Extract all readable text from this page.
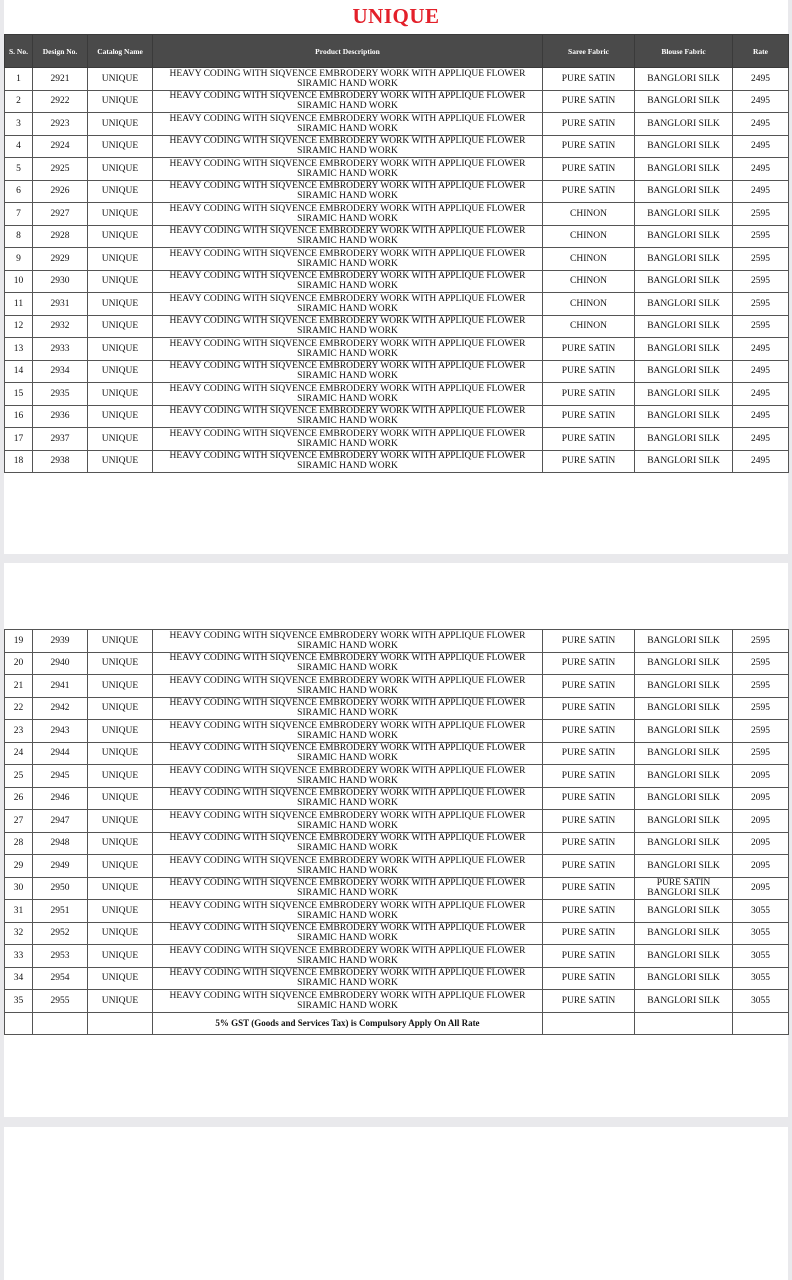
UNIQUE
S. No.	Design No.	Catalog Name	Product Description	Saree Fabric	Blouse Fabric	Rate
1	2921	UNIQUE	HEAVY CODING WITH SIQVENCE EMBRODERY WORK WITH APPLIQUE FLOWER SIRAMIC HAND WORK	PURE SATIN	BANGLORI SILK	2495
2	2922	UNIQUE	HEAVY CODING WITH SIQVENCE EMBRODERY WORK WITH APPLIQUE FLOWER SIRAMIC HAND WORK	PURE SATIN	BANGLORI SILK	2495
3	2923	UNIQUE	HEAVY CODING WITH SIQVENCE EMBRODERY WORK WITH APPLIQUE FLOWER SIRAMIC HAND WORK	PURE SATIN	BANGLORI SILK	2495
4	2924	UNIQUE	HEAVY CODING WITH SIQVENCE EMBRODERY WORK WITH APPLIQUE FLOWER SIRAMIC HAND WORK	PURE SATIN	BANGLORI SILK	2495
5	2925	UNIQUE	HEAVY CODING WITH SIQVENCE EMBRODERY WORK WITH APPLIQUE FLOWER SIRAMIC HAND WORK	PURE SATIN	BANGLORI SILK	2495
6	2926	UNIQUE	HEAVY CODING WITH SIQVENCE EMBRODERY WORK WITH APPLIQUE FLOWER SIRAMIC HAND WORK	PURE SATIN	BANGLORI SILK	2495
7	2927	UNIQUE	HEAVY CODING WITH SIQVENCE EMBRODERY WORK WITH APPLIQUE FLOWER SIRAMIC HAND WORK	CHINON	BANGLORI SILK	2595
8	2928	UNIQUE	HEAVY CODING WITH SIQVENCE EMBRODERY WORK WITH APPLIQUE FLOWER SIRAMIC HAND WORK	CHINON	BANGLORI SILK	2595
9	2929	UNIQUE	HEAVY CODING WITH SIQVENCE EMBRODERY WORK WITH APPLIQUE FLOWER SIRAMIC HAND WORK	CHINON	BANGLORI SILK	2595
10	2930	UNIQUE	HEAVY CODING WITH SIQVENCE EMBRODERY WORK WITH APPLIQUE FLOWER SIRAMIC HAND WORK	CHINON	BANGLORI SILK	2595
11	2931	UNIQUE	HEAVY CODING WITH SIQVENCE EMBRODERY WORK WITH APPLIQUE FLOWER SIRAMIC HAND WORK	CHINON	BANGLORI SILK	2595
12	2932	UNIQUE	HEAVY CODING WITH SIQVENCE EMBRODERY WORK WITH APPLIQUE FLOWER SIRAMIC HAND WORK	CHINON	BANGLORI SILK	2595
13	2933	UNIQUE	HEAVY CODING WITH SIQVENCE EMBRODERY WORK WITH APPLIQUE FLOWER SIRAMIC HAND WORK	PURE SATIN	BANGLORI SILK	2495
14	2934	UNIQUE	HEAVY CODING WITH SIQVENCE EMBRODERY WORK WITH APPLIQUE FLOWER SIRAMIC HAND WORK	PURE SATIN	BANGLORI SILK	2495
15	2935	UNIQUE	HEAVY CODING WITH SIQVENCE EMBRODERY WORK WITH APPLIQUE FLOWER SIRAMIC HAND WORK	PURE SATIN	BANGLORI SILK	2495
16	2936	UNIQUE	HEAVY CODING WITH SIQVENCE EMBRODERY WORK WITH APPLIQUE FLOWER SIRAMIC HAND WORK	PURE SATIN	BANGLORI SILK	2495
17	2937	UNIQUE	HEAVY CODING WITH SIQVENCE EMBRODERY WORK WITH APPLIQUE FLOWER SIRAMIC HAND WORK	PURE SATIN	BANGLORI SILK	2495
18	2938	UNIQUE	HEAVY CODING WITH SIQVENCE EMBRODERY WORK WITH APPLIQUE FLOWER SIRAMIC HAND WORK	PURE SATIN	BANGLORI SILK	2495
19	2939	UNIQUE	HEAVY CODING WITH SIQVENCE EMBRODERY WORK WITH APPLIQUE FLOWER SIRAMIC HAND WORK	PURE SATIN	BANGLORI SILK	2595
20	2940	UNIQUE	HEAVY CODING WITH SIQVENCE EMBRODERY WORK WITH APPLIQUE FLOWER SIRAMIC HAND WORK	PURE SATIN	BANGLORI SILK	2595
21	2941	UNIQUE	HEAVY CODING WITH SIQVENCE EMBRODERY WORK WITH APPLIQUE FLOWER SIRAMIC HAND WORK	PURE SATIN	BANGLORI SILK	2595
22	2942	UNIQUE	HEAVY CODING WITH SIQVENCE EMBRODERY WORK WITH APPLIQUE FLOWER SIRAMIC HAND WORK	PURE SATIN	BANGLORI SILK	2595
23	2943	UNIQUE	HEAVY CODING WITH SIQVENCE EMBRODERY WORK WITH APPLIQUE FLOWER SIRAMIC HAND WORK	PURE SATIN	BANGLORI SILK	2595
24	2944	UNIQUE	HEAVY CODING WITH SIQVENCE EMBRODERY WORK WITH APPLIQUE FLOWER SIRAMIC HAND WORK	PURE SATIN	BANGLORI SILK	2595
25	2945	UNIQUE	HEAVY CODING WITH SIQVENCE EMBRODERY WORK WITH APPLIQUE FLOWER SIRAMIC HAND WORK	PURE SATIN	BANGLORI SILK	2095
26	2946	UNIQUE	HEAVY CODING WITH SIQVENCE EMBRODERY WORK WITH APPLIQUE FLOWER SIRAMIC HAND WORK	PURE SATIN	BANGLORI SILK	2095
27	2947	UNIQUE	HEAVY CODING WITH SIQVENCE EMBRODERY WORK WITH APPLIQUE FLOWER SIRAMIC HAND WORK	PURE SATIN	BANGLORI SILK	2095
28	2948	UNIQUE	HEAVY CODING WITH SIQVENCE EMBRODERY WORK WITH APPLIQUE FLOWER SIRAMIC HAND WORK	PURE SATIN	BANGLORI SILK	2095
29	2949	UNIQUE	HEAVY CODING WITH SIQVENCE EMBRODERY WORK WITH APPLIQUE FLOWER SIRAMIC HAND WORK	PURE SATIN	BANGLORI SILK	2095
30	2950	UNIQUE	HEAVY CODING WITH SIQVENCE EMBRODERY WORK WITH APPLIQUE FLOWER SIRAMIC HAND WORK	PURE SATIN	PURE SATIN BANGLORI SILK	2095
31	2951	UNIQUE	HEAVY CODING WITH SIQVENCE EMBRODERY WORK WITH APPLIQUE FLOWER SIRAMIC HAND WORK	PURE SATIN	BANGLORI SILK	3055
32	2952	UNIQUE	HEAVY CODING WITH SIQVENCE EMBRODERY WORK WITH APPLIQUE FLOWER SIRAMIC HAND WORK	PURE SATIN	BANGLORI SILK	3055
33	2953	UNIQUE	HEAVY CODING WITH SIQVENCE EMBRODERY WORK WITH APPLIQUE FLOWER SIRAMIC HAND WORK	PURE SATIN	BANGLORI SILK	3055
34	2954	UNIQUE	HEAVY CODING WITH SIQVENCE EMBRODERY WORK WITH APPLIQUE FLOWER SIRAMIC HAND WORK	PURE SATIN	BANGLORI SILK	3055
35	2955	UNIQUE	HEAVY CODING WITH SIQVENCE EMBRODERY WORK WITH APPLIQUE FLOWER SIRAMIC HAND WORK	PURE SATIN	BANGLORI SILK	3055
			5% GST (Goods and Services Tax) is Compulsory Apply On All Rate			
